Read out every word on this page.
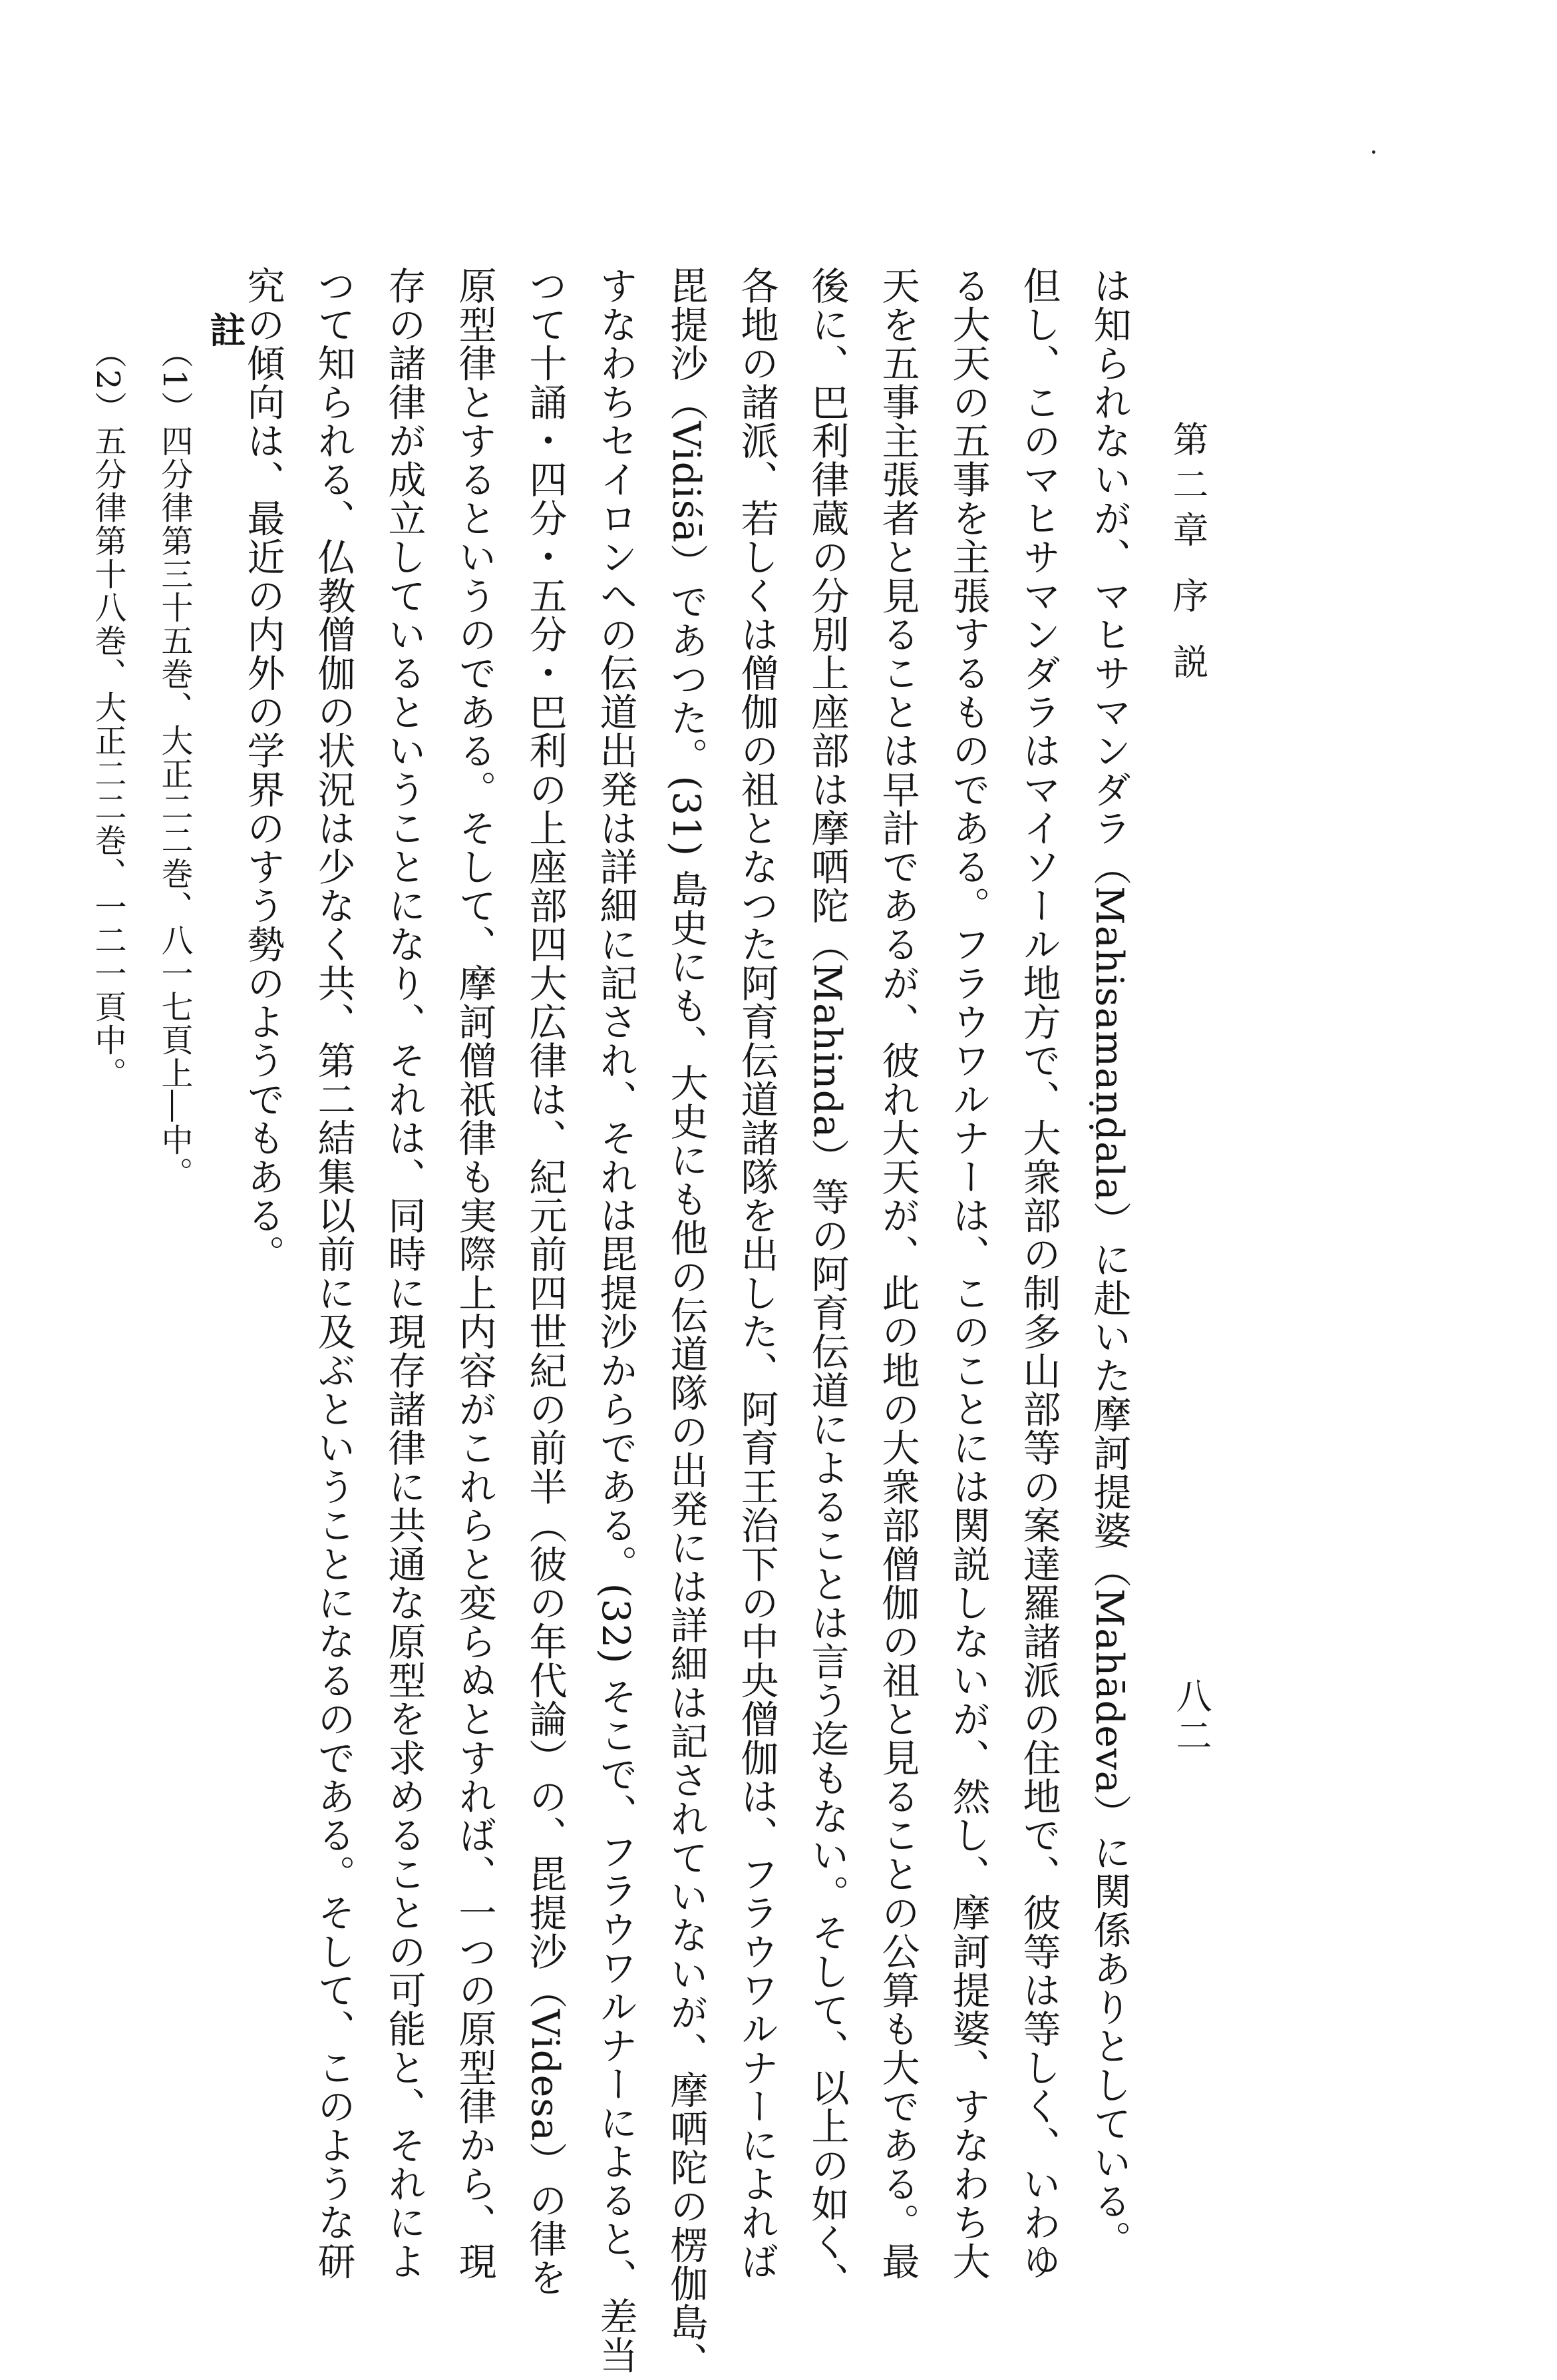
第二章 序 説
八二
は知られないが、マヒサマンダラ（Mahisamaṇḍala）に赴いた摩訶提婆（Mahādeva）に関係ありとしている。
但し、このマヒサマンダラはマイソール地方で、大衆部の制多山部等の案達羅諸派の住地で、彼等は等しく、いわゆ
る大天の五事を主張するものである。フラウワルナーは、このことには関説しないが、然し、摩訶提婆、すなわち大
天を五事主張者と見ることは早計であるが、彼れ大天が、此の地の大衆部僧伽の祖と見ることの公算も大である。最
後に、巴利律蔵の分別上座部は摩哂陀（Mahinda）等の阿育伝道によることは言う迄もない。そして、以上の如く、
各地の諸派、若しくは僧伽の祖となつた阿育伝道諸隊を出した、阿育王治下の中央僧伽は、フラウワルナーによれば
毘提沙（Vidiśā）であつた。(31) 島史にも、大史にも他の伝道隊の出発には詳細は記されていないが、摩哂陀の楞伽島、
すなわちセイロンへの伝道出発は詳細に記され、それは毘提沙からである。(32) そこで、フラウワルナーによると、差当
つて十誦・四分・五分・巴利の上座部四大広律は、紀元前四世紀の前半（彼の年代論）の、毘提沙（Videsa）の律を
原型律とするというのである。そして、摩訶僧祇律も実際上内容がこれらと変らぬとすれば、一つの原型律から、現
存の諸律が成立しているということになり、それは、同時に現存諸律に共通な原型を求めることの可能と、それによ
つて知られる、仏教僧伽の状況は少なく共、第二結集以前に及ぶということになるのである。そして、このような研
究の傾向は、最近の内外の学界のすう勢のようでもある。
註
（1）四分律第三十五巻、大正二二巻、八一七頁上―中。
（2）五分律第十八巻、大正二二巻、一二一頁中。
